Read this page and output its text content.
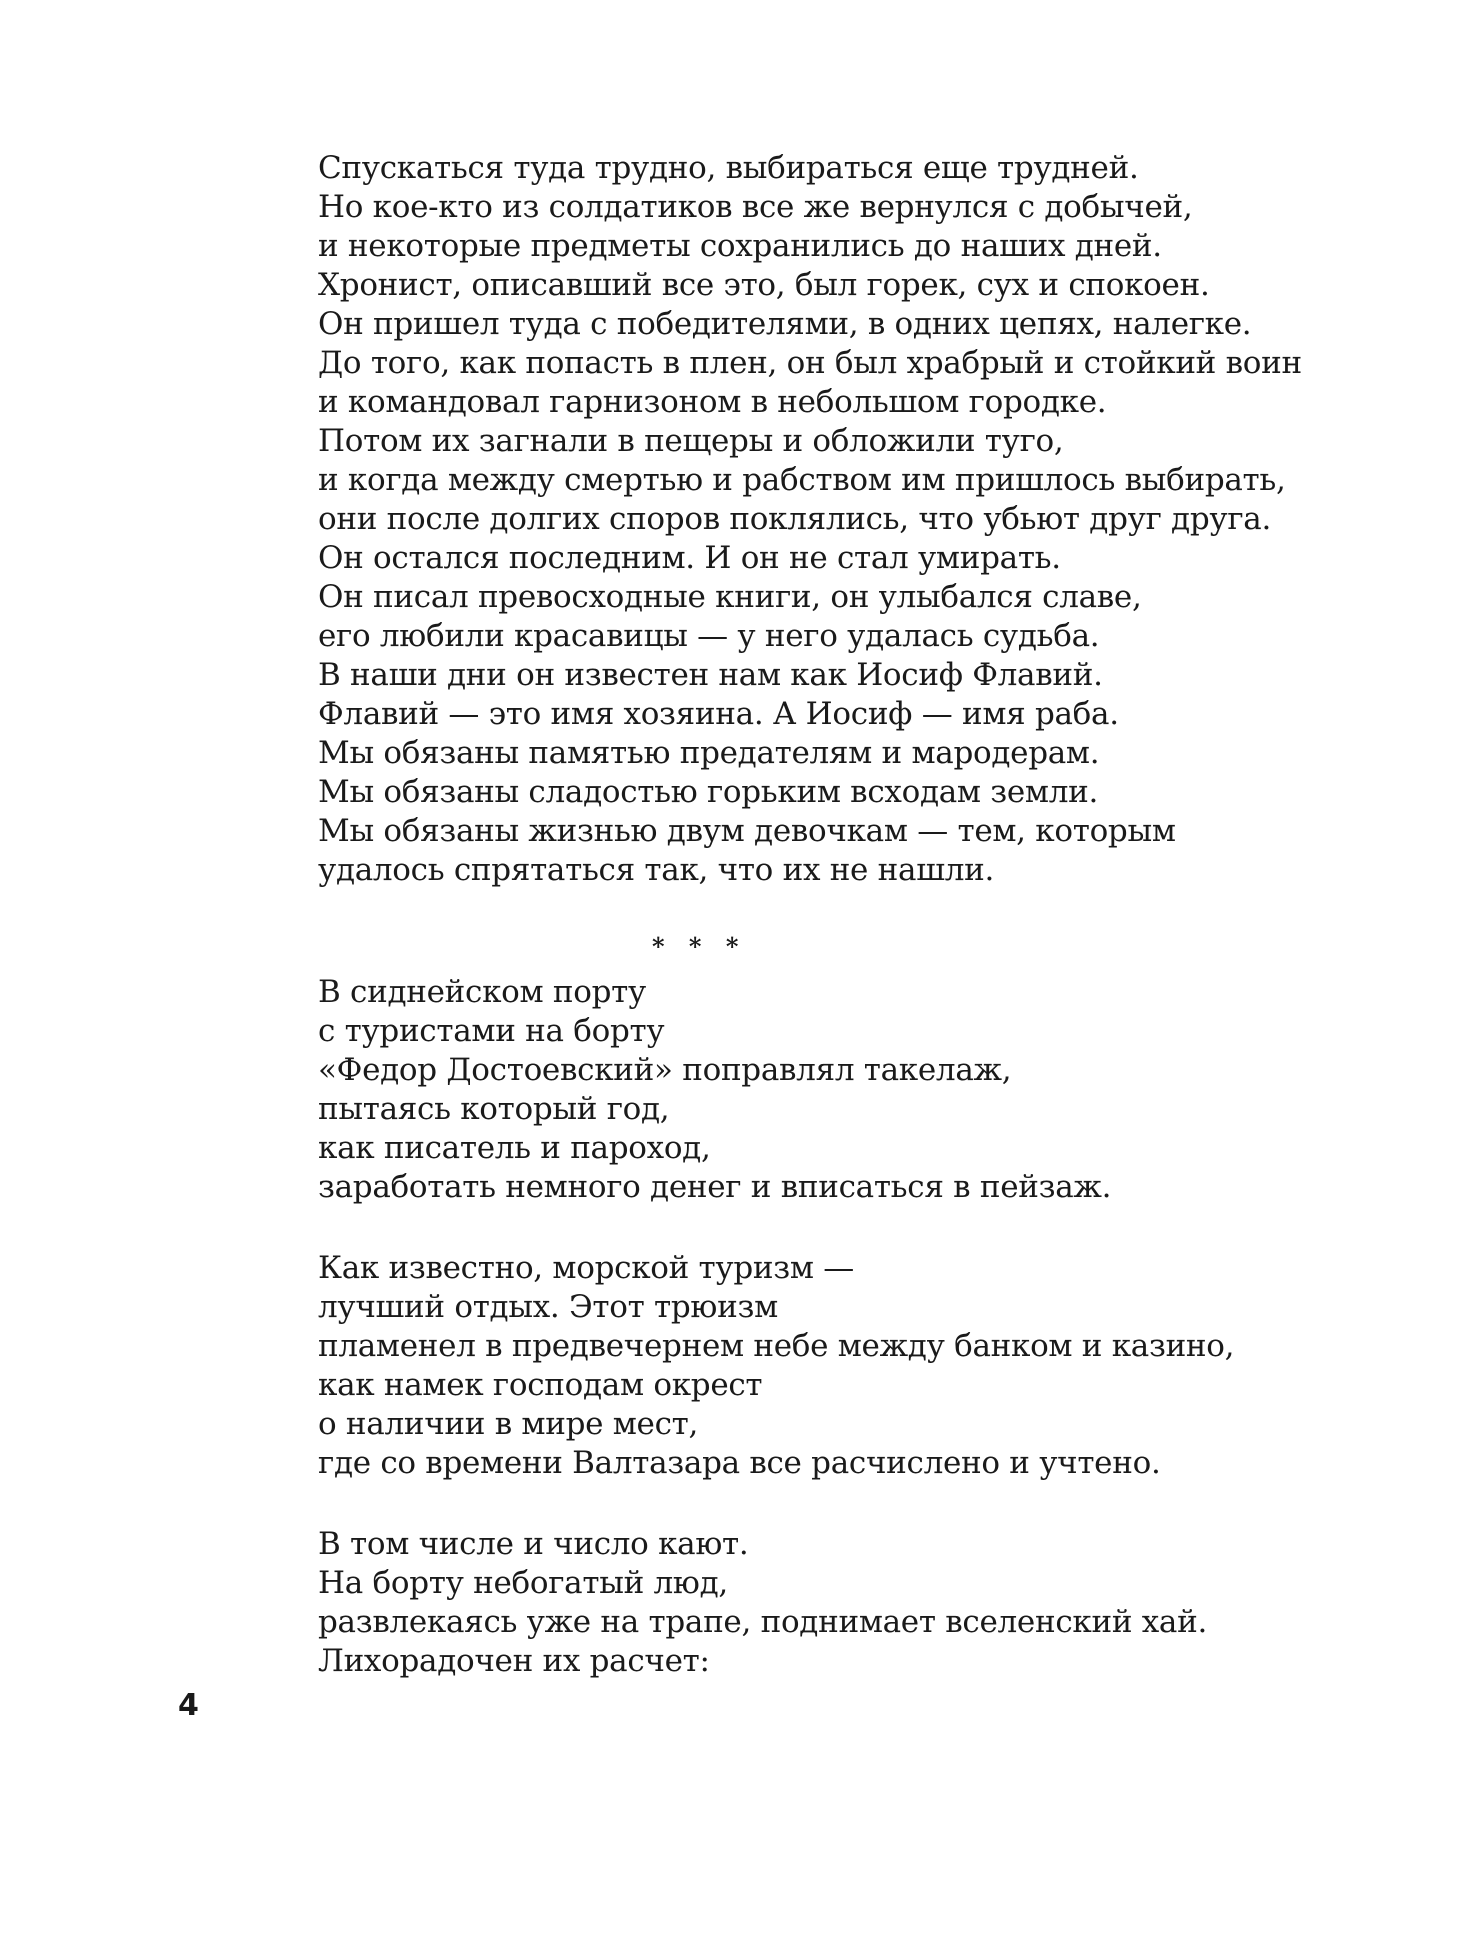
Спускаться туда трудно, выбираться еще трудней.
Но кое-кто из солдатиков все же вернулся с добычей,
и некоторые предметы сохранились до наших дней.
Хронист, описавший все это, был горек, сух и спокоен.
Он пришел туда с победителями, в одних цепях, налегке.
До того, как попасть в плен, он был храбрый и стойкий воин
и командовал гарнизоном в небольшом городке.
Потом их загнали в пещеры и обложили туго,
и когда между смертью и рабством им пришлось выбирать,
они после долгих споров поклялись, что убьют друг друга.
Он остался последним. И он не стал умирать.
Он писал превосходные книги, он улыбался славе,
его любили красавицы — у него удалась судьба.
В наши дни он известен нам как Иосиф Флавий.
Флавий — это имя хозяина. А Иосиф — имя раба.
Мы обязаны памятью предателям и мародерам.
Мы обязаны сладостью горьким всходам земли.
Мы обязаны жизнью двум девочкам — тем, которым
удалось спрятаться так, что их не нашли.
В сиднейском порту
с туристами на борту
«Федор Достоевский» поправлял такелаж,
пытаясь который год,
как писатель и пароход,
заработать немного денег и вписаться в пейзаж.
Как известно, морской туризм —
лучший отдых. Этот трюизм
пламенел в предвечернем небе между банком и казино,
как намек господам окрест
о наличии в мире мест,
где со времени Валтазара все расчислено и учтено.
В том числе и число кают.
На борту небогатый люд,
развлекаясь уже на трапе, поднимает вселенский хай.
Лихорадочен их расчет:
* * *
4
